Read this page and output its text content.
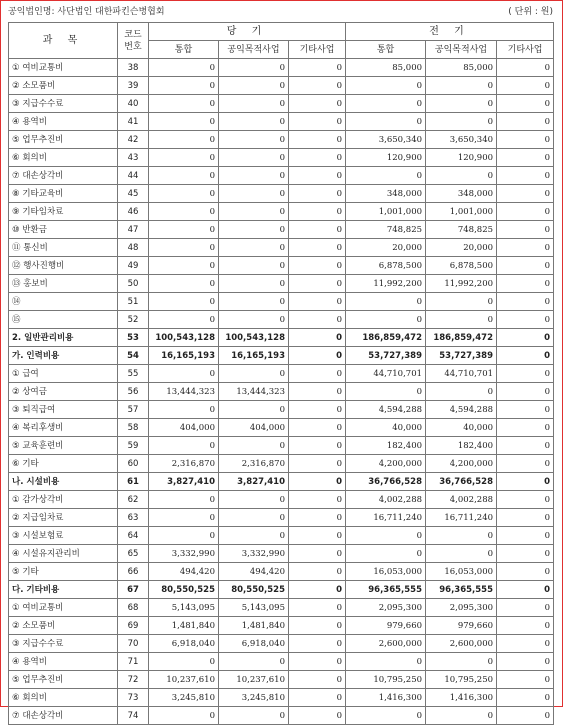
공익법인명: 사단법인 대한파킨슨병협회	( 단위 : 원)
과 목	코드
번호	당 기			전 기		
		통합	공익목적사업	기타사업	통합	공익목적사업	기타사업
① 여비교통비	38	0	0	0	85,000	85,000	0
② 소모품비	39	0	0	0	0	0	0
③ 지급수수료	40	0	0	0	0	0	0
④ 용역비	41	0	0	0	0	0	0
⑤ 업무추진비	42	0	0	0	3,650,340	3,650,340	0
⑥ 회의비	43	0	0	0	120,900	120,900	0
⑦ 대손상각비	44	0	0	0	0	0	0
⑧ 기타교육비	45	0	0	0	348,000	348,000	0
⑨ 기타임차료	46	0	0	0	1,001,000	1,001,000	0
⑩ 반환금	47	0	0	0	748,825	748,825	0
⑪ 통신비	48	0	0	0	20,000	20,000	0
⑫ 행사진행비	49	0	0	0	6,878,500	6,878,500	0
⑬ 홍보비	50	0	0	0	11,992,200	11,992,200	0
⑭	51	0	0	0	0	0	0
⑮	52	0	0	0	0	0	0
2. 일반관리비용	53	100,543,128	100,543,128	0	186,859,472	186,859,472	0
가. 인력비용	54	16,165,193	16,165,193	0	53,727,389	53,727,389	0
① 급여	55	0	0	0	44,710,701	44,710,701	0
② 상여금	56	13,444,323	13,444,323	0	0	0	0
③ 퇴직급여	57	0	0	0	4,594,288	4,594,288	0
④ 복리후생비	58	404,000	404,000	0	40,000	40,000	0
⑤ 교육훈련비	59	0	0	0	182,400	182,400	0
⑥ 기타	60	2,316,870	2,316,870	0	4,200,000	4,200,000	0
나. 시설비용	61	3,827,410	3,827,410	0	36,766,528	36,766,528	0
① 감가상각비	62	0	0	0	4,002,288	4,002,288	0
② 지급임차료	63	0	0	0	16,711,240	16,711,240	0
③ 시설보험료	64	0	0	0	0	0	0
④ 시설유지관리비	65	3,332,990	3,332,990	0	0	0	0
⑤ 기타	66	494,420	494,420	0	16,053,000	16,053,000	0
다. 기타비용	67	80,550,525	80,550,525	0	96,365,555	96,365,555	0
① 여비교통비	68	5,143,095	5,143,095	0	2,095,300	2,095,300	0
② 소모품비	69	1,481,840	1,481,840	0	979,660	979,660	0
③ 지급수수료	70	6,918,040	6,918,040	0	2,600,000	2,600,000	0
④ 용역비	71	0	0	0	0	0	0
⑤ 업무추진비	72	10,237,610	10,237,610	0	10,795,250	10,795,250	0
⑥ 회의비	73	3,245,810	3,245,810	0	1,416,300	1,416,300	0
⑦ 대손상각비	74	0	0	0	0	0	0
